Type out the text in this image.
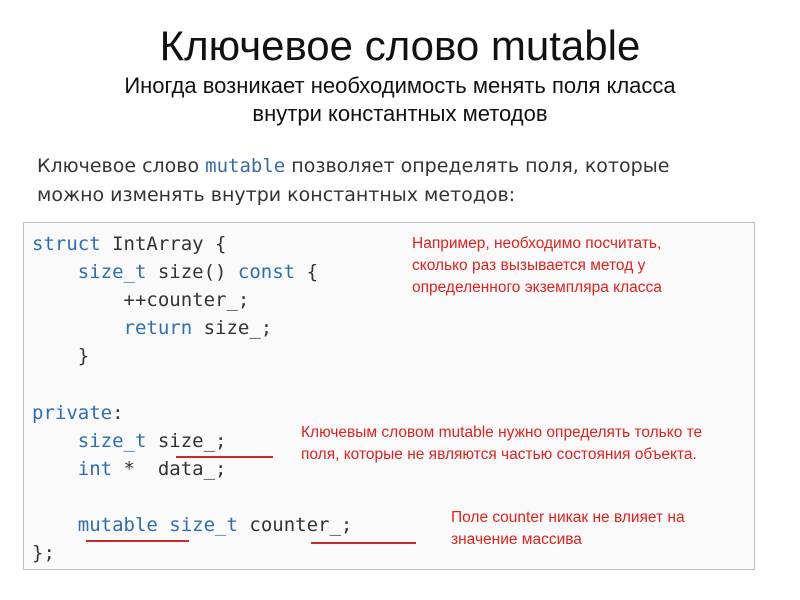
Ключевое слово mutable
Иногда возникает необходимость менять поля класса
внутри константных методов
Ключевое слово mutable позволяет определять поля, которые
можно изменять внутри константных методов:
struct IntArray {
size_t size() const {
++counter_;
return size_;
}
private:
size_t size_;
int *  data_;
mutable size_t counter_;
};
Например, необходимо посчитать, сколько раз вызывается метод у определенного экземпляра класса
Ключевым словом mutable нужно определять только те поля, которые не являются частью состояния объекта.
Поле counter никак не влияет на значение массива
